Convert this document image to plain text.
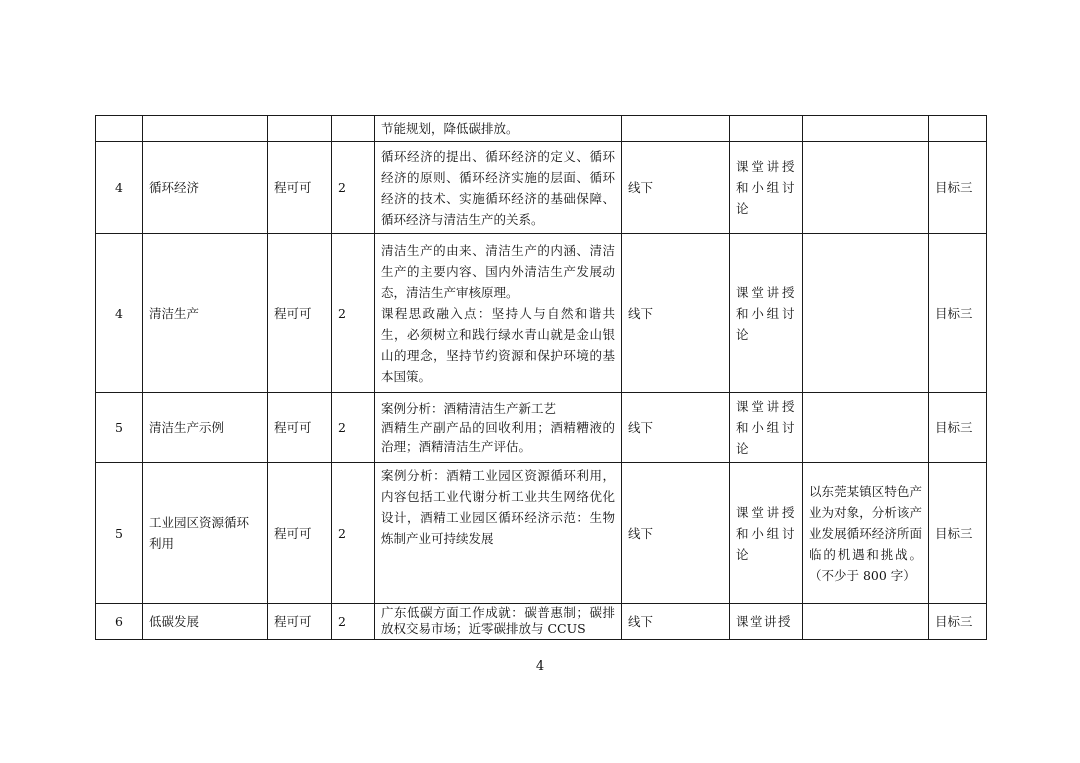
				节能规划，降低碳排放。				

4	循环经济	程可可	2	循环经济的提出、循环经济的定义、循环经济的原则、循环经济实施的层面、循环经济的技术、实施循环经济的基础保障、循环经济与清洁生产的关系。	线下	课堂讲授和小组讨论		目标三
4	清洁生产	程可可	2	清洁生产的由来、清洁生产的内涵、清洁生产的主要内容、国内外清洁生产发展动态，清洁生产审核原理。
课程思政融入点：坚持人与自然和谐共生，必须树立和践行绿水青山就是金山银山的理念，坚持节约资源和保护环境的基本国策。	线下	课堂讲授和小组讨论		目标三
5	清洁生产示例	程可可	2	案例分析：酒精清洁生产新工艺
酒精生产副产品的回收利用；酒精糟液的治理；酒精清洁生产评估。	线下	课堂讲授和小组讨论		目标三
5	工业园区资源循环利用	程可可	2	案例分析：酒精工业园区资源循环利用，内容包括工业代谢分析工业共生网络优化设计，酒精工业园区循环经济示范：生物炼制产业可持续发展	线下	课堂讲授和小组讨论	以东莞某镇区特色产业为对象，分析该产业发展循环经济所面临的机遇和挑战。（不少于 800 字）	目标三
6	低碳发展	程可可	2	广东低碳方面工作成就：碳普惠制；碳排放权交易市场；近零碳排放与 CCUS	线下	课堂讲授		目标三
4
